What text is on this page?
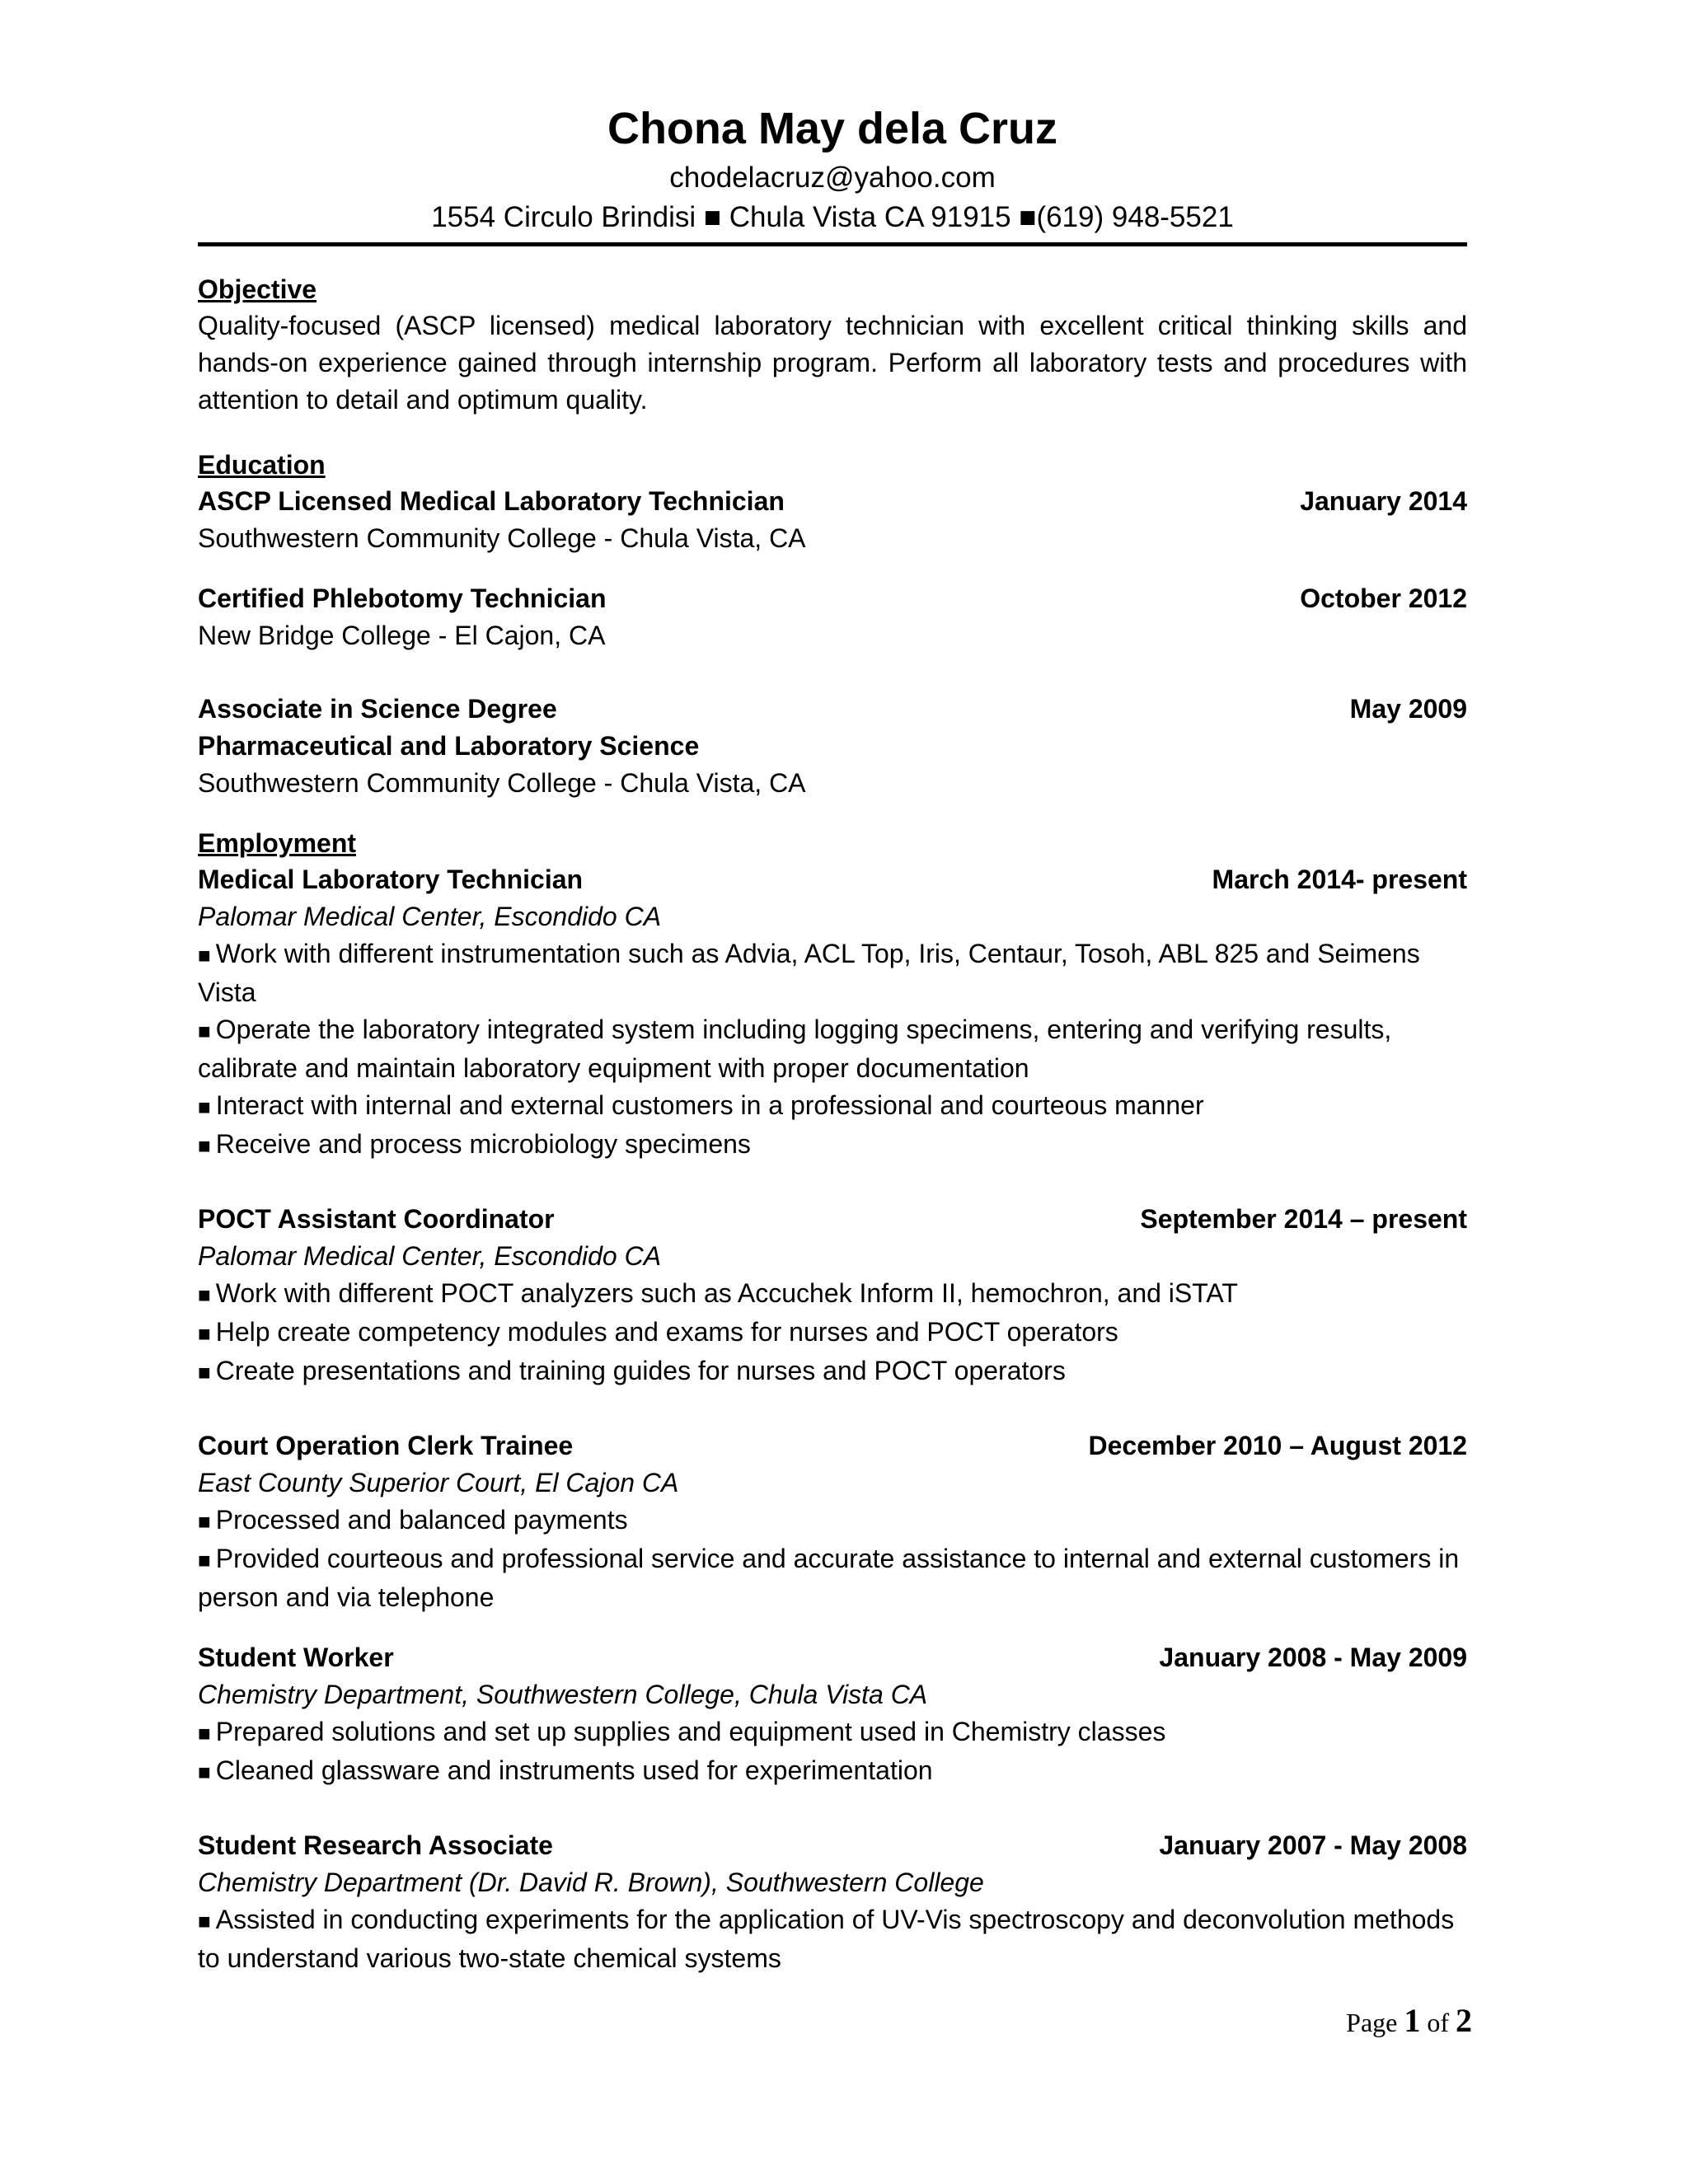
Chona May dela Cruz
chodelacruz@yahoo.com
1554 Circulo Brindisi ■ Chula Vista CA 91915 ■(619) 948-5521
Objective
Quality-focused (ASCP licensed) medical laboratory technician with excellent critical thinking skills and hands-on experience gained through internship program. Perform all laboratory tests and procedures with attention to detail and optimum quality.
Education
ASCP Licensed Medical Laboratory Technician	January 2014
Southwestern Community College - Chula Vista, CA
Certified Phlebotomy Technician	October 2012
New Bridge College - El Cajon, CA
Associate in Science Degree	May 2009
Pharmaceutical and Laboratory Science
Southwestern Community College - Chula Vista, CA
Employment
Medical Laboratory Technician	March 2014- present
Palomar Medical Center, Escondido CA
■ Work with different instrumentation such as Advia, ACL Top, Iris, Centaur, Tosoh, ABL 825 and Seimens Vista
■ Operate the laboratory integrated system including logging specimens, entering and verifying results, calibrate and maintain laboratory equipment with proper documentation
■ Interact with internal and external customers in a professional and courteous manner
■ Receive and process microbiology specimens
POCT Assistant Coordinator	September 2014 – present
Palomar Medical Center, Escondido CA
■ Work with different POCT analyzers such as Accuchek Inform II, hemochron, and iSTAT
■ Help create competency modules and exams for nurses and POCT operators
■ Create presentations and training guides for nurses and POCT operators
Court Operation Clerk Trainee	December 2010 – August 2012
East County Superior Court, El Cajon CA
■ Processed and balanced payments
■ Provided courteous and professional service and accurate assistance to internal and external customers in person and via telephone
Student Worker	January 2008 - May 2009
Chemistry Department, Southwestern College, Chula Vista CA
■ Prepared solutions and set up supplies and equipment used in Chemistry classes
■ Cleaned glassware and instruments used for experimentation
Student Research Associate	January 2007 - May 2008
Chemistry Department (Dr. David R. Brown), Southwestern College
■ Assisted in conducting experiments for the application of UV-Vis spectroscopy and deconvolution methods to understand various two-state chemical systems
Page 1 of 2
